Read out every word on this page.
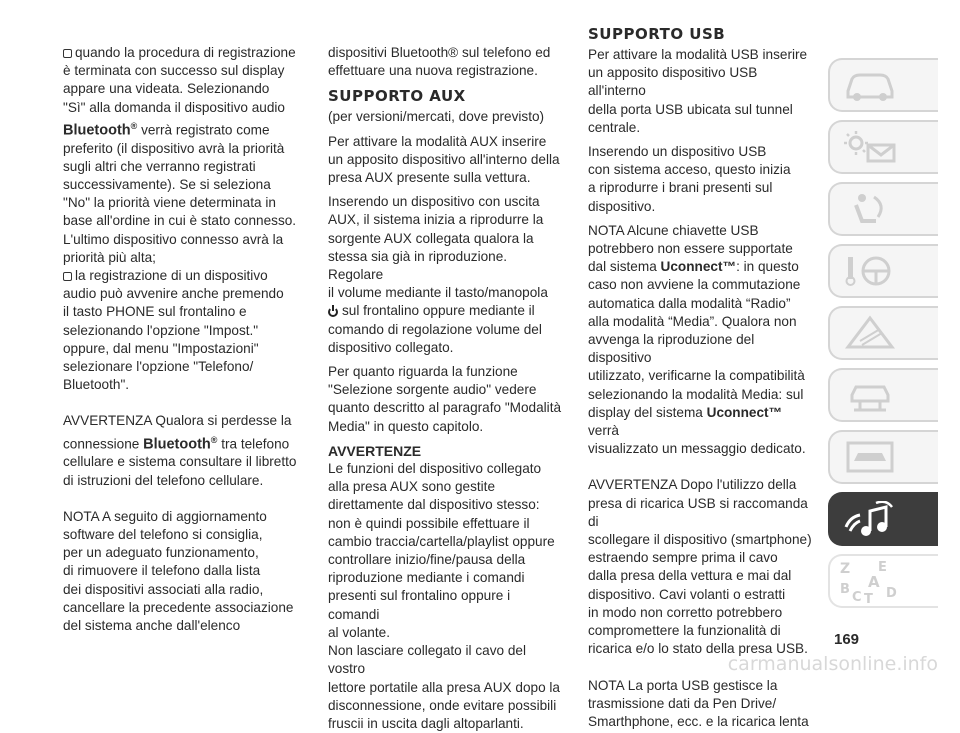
quando la procedura di registrazione

è terminata con successo sul display

appare una videata. Selezionando

"Sì" alla domanda il dispositivo audio

Bluetooth® verrà registrato come

preferito (il dispositivo avrà la priorità

sugli altri che verranno registrati

successivamente). Se si seleziona

"No" la priorità viene determinata in

base all'ordine in cui è stato connesso.

L'ultimo dispositivo connesso avrà la

priorità più alta;

la registrazione di un dispositivo

audio può avvenire anche premendo

il tasto PHONE sul frontalino e

selezionando l'opzione "Impost."

oppure, dal menu "Impostazioni"

selezionare l'opzione "Telefono/

Bluetooth".

AVVERTENZA Qualora si perdesse la

connessione Bluetooth® tra telefono

cellulare e sistema consultare il libretto

di istruzioni del telefono cellulare.

NOTA A seguito di aggiornamento

software del telefono si consiglia,

per un adeguato funzionamento,

di rimuovere il telefono dalla lista

dei dispositivi associati alla radio,

cancellare la precedente associazione

del sistema anche dall'elenco

dispositivi Bluetooth® sul telefono ed

effettuare una nuova registrazione.

SUPPORTO AUX

(per versioni/mercati, dove previsto)

Per attivare la modalità AUX inserire

un apposito dispositivo all'interno della

presa AUX presente sulla vettura.

Inserendo un dispositivo con uscita

AUX, il sistema inizia a riprodurre la

sorgente AUX collegata qualora la

stessa sia già in riproduzione. Regolare

il volume mediante il tasto/manopola

sul frontalino oppure mediante il

comando di regolazione volume del

dispositivo collegato.

Per quanto riguarda la funzione

"Selezione sorgente audio" vedere

quanto descritto al paragrafo "Modalità

Media" in questo capitolo.

AVVERTENZE

Le funzioni del dispositivo collegato

alla presa AUX sono gestite

direttamente dal dispositivo stesso:

non è quindi possibile effettuare il

cambio traccia/cartella/playlist oppure

controllare inizio/fine/pausa della

riproduzione mediante i comandi

presenti sul frontalino oppure i comandi

al volante.

Non lasciare collegato il cavo del vostro

lettore portatile alla presa AUX dopo la

disconnessione, onde evitare possibili

fruscii in uscita dagli altoparlanti.

SUPPORTO USB

Per attivare la modalità USB inserire

un apposito dispositivo USB all'interno

della porta USB ubicata sul tunnel

centrale.

Inserendo un dispositivo USB

con sistema acceso, questo inizia

a riprodurre i brani presenti sul

dispositivo.

NOTA Alcune chiavette USB

potrebbero non essere supportate

dal sistema Uconnect™: in questo

caso non avviene la commutazione

automatica dalla modalità “Radio”

alla modalità “Media”. Qualora non

avvenga la riproduzione del dispositivo

utilizzato, verificarne la compatibilità

selezionando la modalità Media: sul

display del sistema Uconnect™ verrà

visualizzato un messaggio dedicato.

AVVERTENZA Dopo l'utilizzo della

presa di ricarica USB si raccomanda di

scollegare il dispositivo (smartphone)

estraendo sempre prima il cavo

dalla presa della vettura e mai dal

dispositivo. Cavi volanti o estratti

in modo non corretto potrebbero

compromettere la funzionalità di

ricarica e/o lo stato della presa USB.

NOTA La porta USB gestisce la

trasmissione dati da Pen Drive/

Smarthphone, ecc. e la ricarica lenta

Z E
B A
C T D
169
carmanualsonline.info
